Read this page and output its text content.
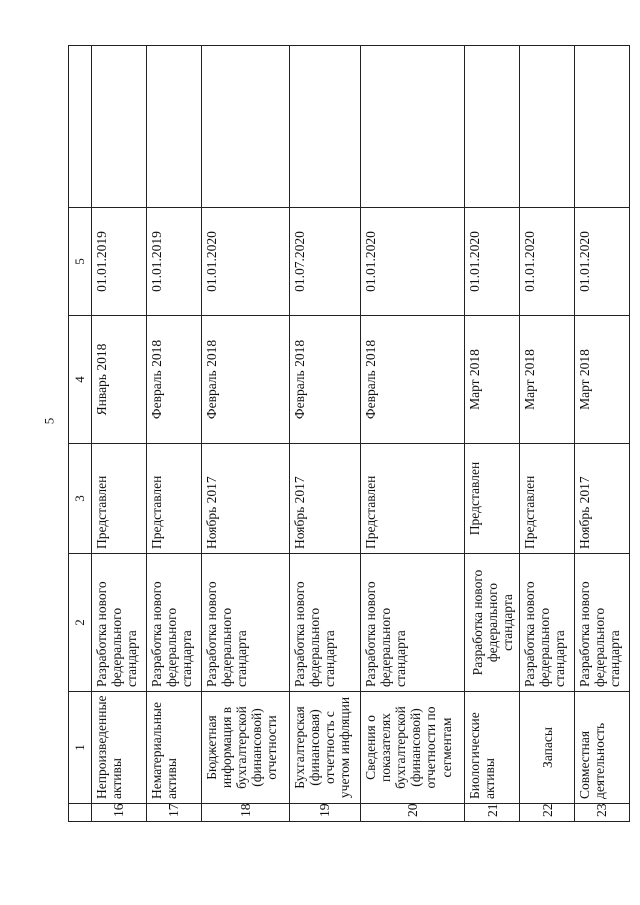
5
	1	2	3	4	5	
16	Непроизведенные активы	Разработка нового федерального стандарта	Представлен	Январь 2018	01.01.2019	
17	Нематериальные активы	Разработка нового федерального стандарта	Представлен	Февраль 2018	01.01.2019	
18	Бюджетная информация в бухгалтерской (финансовой) отчетности	Разработка нового федерального стандарта	Ноябрь 2017	Февраль 2018	01.01.2020	
19	Бухгалтерская (финансовая) отчетность с учетом инфляции	Разработка нового федерального стандарта	Ноябрь 2017	Февраль 2018	01.07.2020	
20	Сведения о показателях бухгалтерской (финансовой) отчетности по сегментам	Разработка нового федерального стандарта	Представлен	Февраль 2018	01.01.2020	
21	Биологические активы	Разработка нового федерального стандарта	Представлен	Март 2018	01.01.2020	
22	Запасы	Разработка нового федерального стандарта	Представлен	Март 2018	01.01.2020	
23	Совместная деятельность	Разработка нового федерального стандарта	Ноябрь 2017	Март 2018	01.01.2020	
